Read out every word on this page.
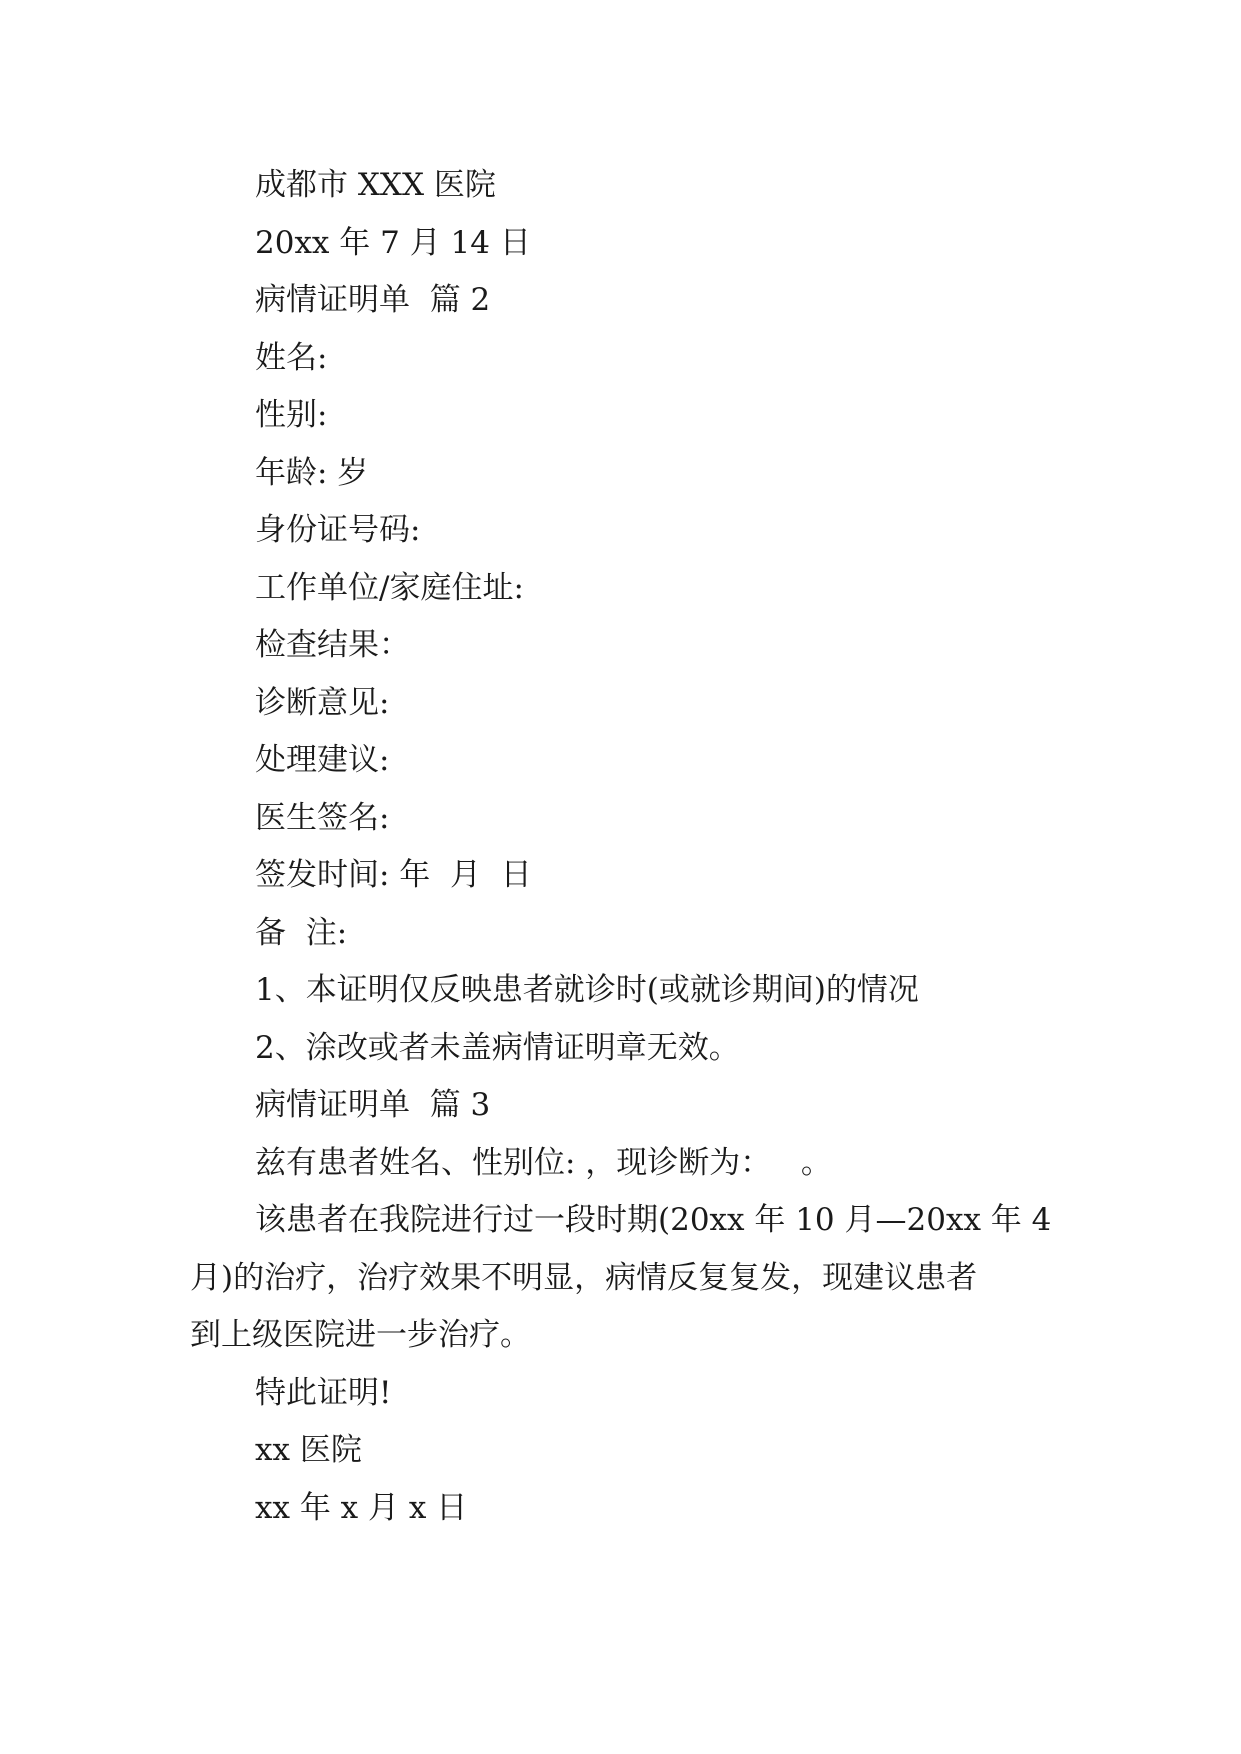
成都市 XXX 医院
20xx 年 7 月 14 日
病情证明单  篇 2
姓名:
性别:
年龄: 岁
身份证号码:
工作单位/家庭住址:
检查结果：
诊断意见:
处理建议:
医生签名:
签发时间: 年  月  日
备  注:
1、本证明仅反映患者就诊时(或就诊期间)的情况
2、涂改或者未盖病情证明章无效。
病情证明单  篇 3
兹有患者姓名、性别位: ，现诊断为：   。
该患者在我院进行过一段时期(20xx 年 10 月—20xx 年 4
月)的治疗，治疗效果不明显，病情反复复发，现建议患者
到上级医院进一步治疗。
特此证明!
xx 医院
xx 年 x 月 x 日
